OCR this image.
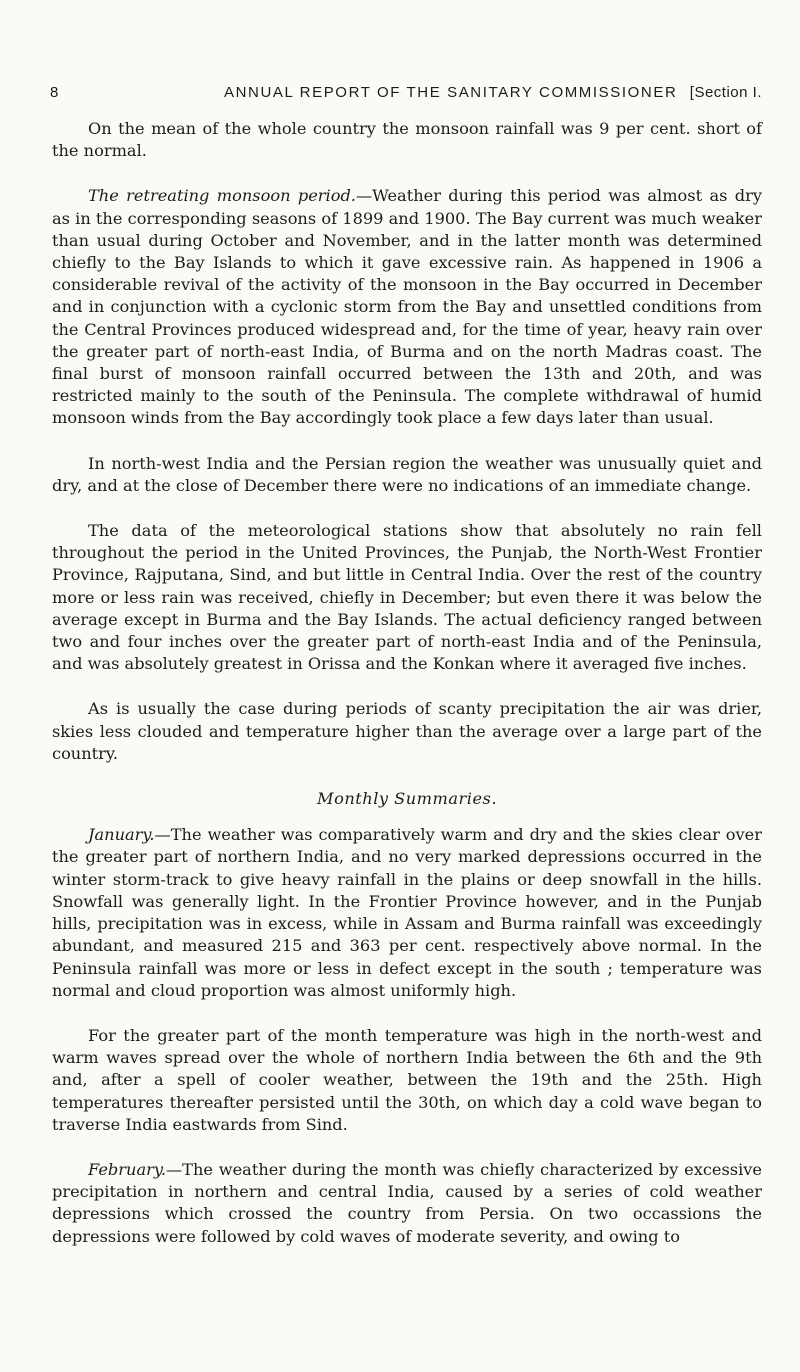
8	ANNUAL REPORT OF THE SANITARY COMMISSIONER [Section I.

On the mean of the whole country the monsoon rainfall was 9 per cent. short of the normal.

The retreating monsoon period.—Weather during this period was almost as dry as in the corresponding seasons of 1899 and 1900. The Bay current was much weaker than usual during October and November, and in the latter month was determined chiefly to the Bay Islands to which it gave excessive rain. As happened in 1906 a considerable revival of the activity of the monsoon in the Bay occurred in December and in conjunction with a cyclonic storm from the Bay and unsettled conditions from the Central Provinces produced widespread and, for the time of year, heavy rain over the greater part of north-east India, of Burma and on the north Madras coast. The final burst of monsoon rainfall occurred between the 13th and 20th, and was restricted mainly to the south of the Peninsula. The complete withdrawal of humid monsoon winds from the Bay accordingly took place a few days later than usual.

In north-west India and the Persian region the weather was unusually quiet and dry, and at the close of December there were no indications of an immediate change.

The data of the meteorological stations show that absolutely no rain fell throughout the period in the United Provinces, the Punjab, the North-West Frontier Province, Rajputana, Sind, and but little in Central India. Over the rest of the country more or less rain was received, chiefly in December; but even there it was below the average except in Burma and the Bay Islands. The actual deficiency ranged between two and four inches over the greater part of north-east India and of the Peninsula, and was absolutely greatest in Orissa and the Konkan where it averaged five inches.

As is usually the case during periods of scanty precipitation the air was drier, skies less clouded and temperature higher than the average over a large part of the country.

Monthly Summaries.

January.—The weather was comparatively warm and dry and the skies clear over the greater part of northern India, and no very marked depressions occurred in the winter storm-track to give heavy rainfall in the plains or deep snowfall in the hills. Snowfall was generally light. In the Frontier Province however, and in the Punjab hills, precipitation was in excess, while in Assam and Burma rainfall was exceedingly abundant, and measured 215 and 363 per cent. respectively above normal. In the Peninsula rainfall was more or less in defect except in the south ; temperature was normal and cloud proportion was almost uniformly high.

For the greater part of the month temperature was high in the north-west and warm waves spread over the whole of northern India between the 6th and the 9th and, after a spell of cooler weather, between the 19th and the 25th. High temperatures thereafter persisted until the 30th, on which day a cold wave began to traverse India eastwards from Sind.

February.—The weather during the month was chiefly characterized by excessive precipitation in northern and central India, caused by a series of cold weather depressions which crossed the country from Persia. On two occassions the depressions were followed by cold waves of moderate severity, and owing to
